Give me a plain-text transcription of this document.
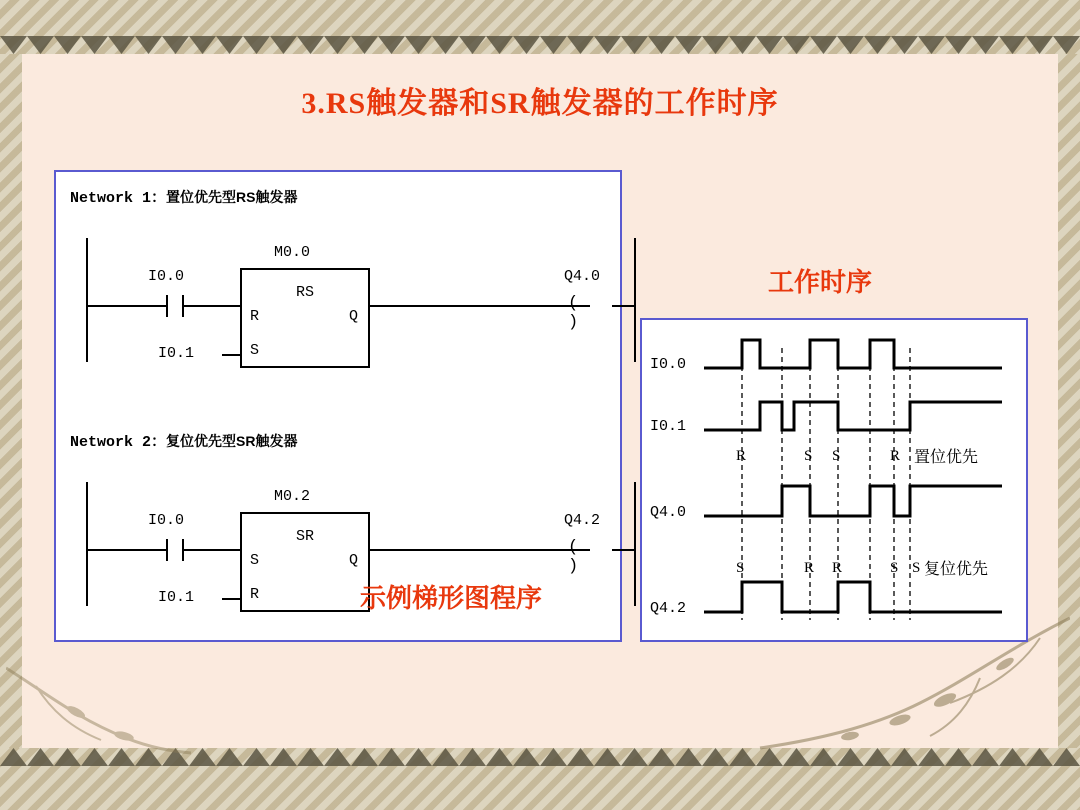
3.RS触发器和SR触发器的工作时序
Network 1：置位优先型RS触发器
I0.0
M0.0
RS
R	Q
S
I0.1
Q4.0
( )
Network 2：复位优先型SR触发器
I0.0
M0.2
SR
S	Q
R
I0.1
Q4.2
( )
示例梯形图程序
工作时序
I0.0
I0.1
Q4.0
Q4.2
R	S S	R 置位优先
S	R R	S S 复位优先
